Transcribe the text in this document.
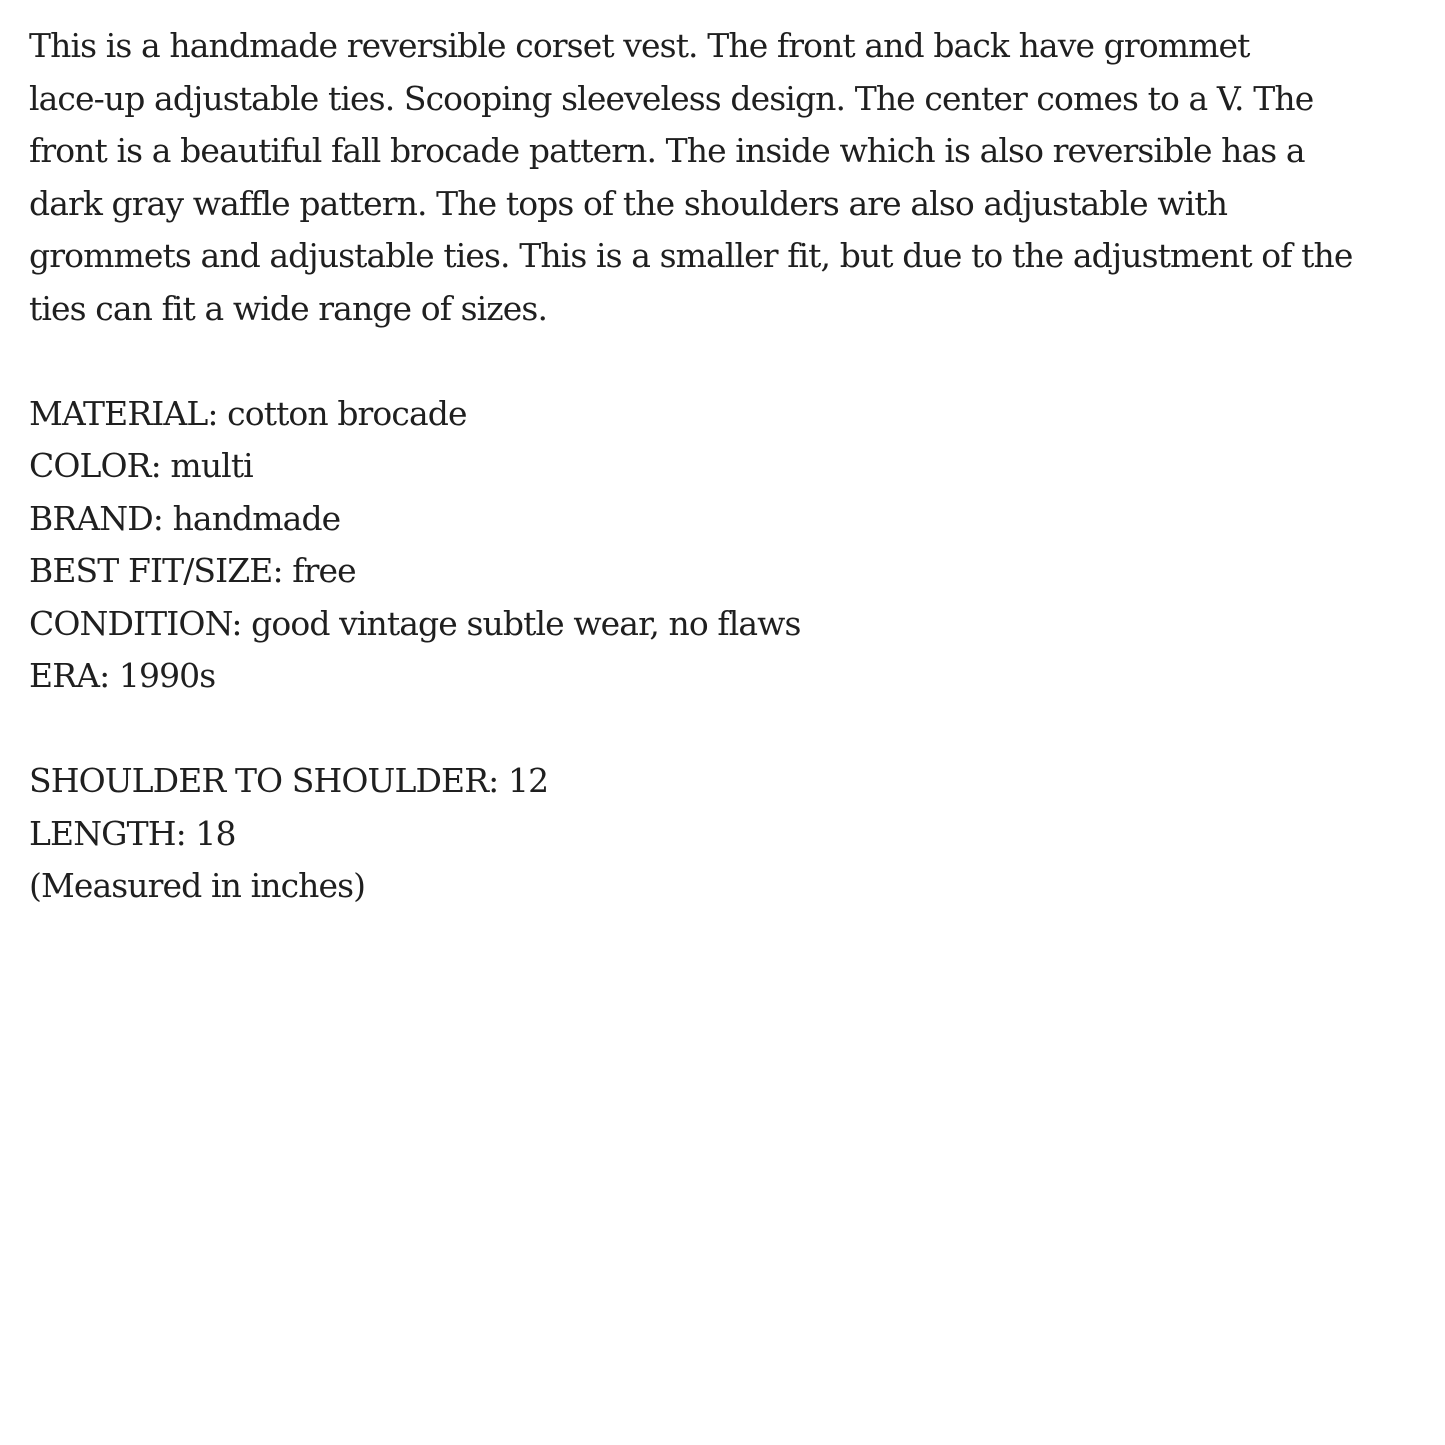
This is a handmade reversible corset vest. The front and back have grommet
lace-up adjustable ties. Scooping sleeveless design. The center comes to a V. The
front is a beautiful fall brocade pattern. The inside which is also reversible has a
dark gray waffle pattern. The tops of the shoulders are also adjustable with
grommets and adjustable ties. This is a smaller fit, but due to the adjustment of the
ties can fit a wide range of sizes.
MATERIAL: cotton brocade
COLOR: multi
BRAND: handmade
BEST FIT/SIZE: free
CONDITION: good vintage subtle wear, no flaws
ERA: 1990s
SHOULDER TO SHOULDER: 12
LENGTH: 18
(Measured in inches)
